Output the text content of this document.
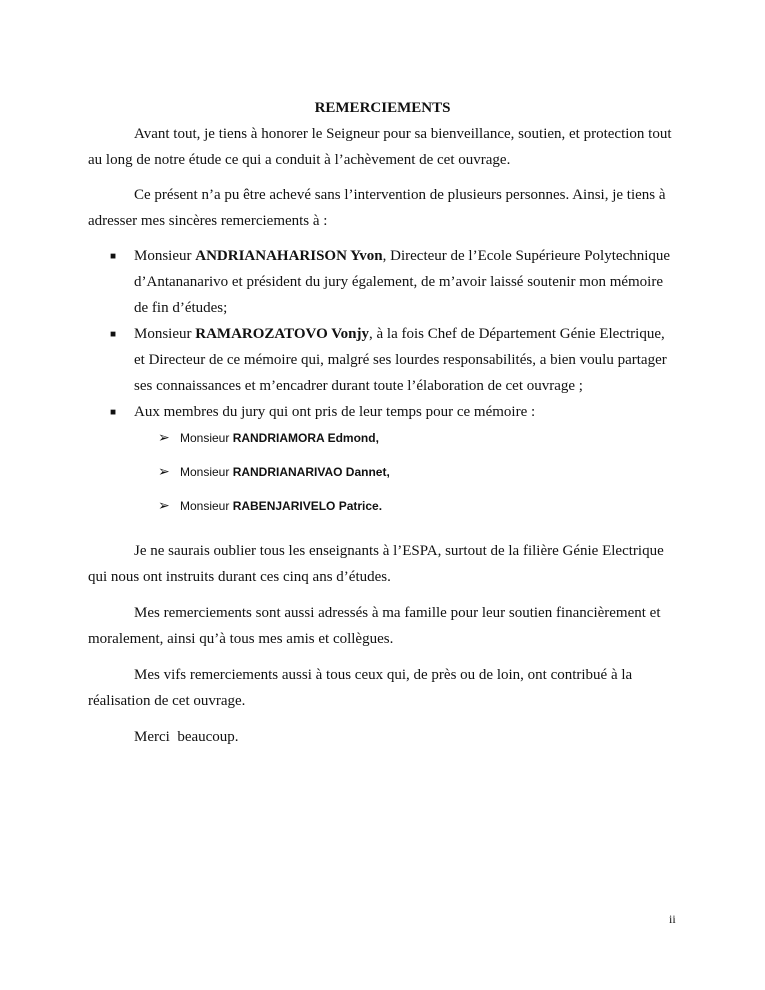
REMERCIEMENTS

Avant tout, je tiens à honorer le Seigneur pour sa bienveillance, soutien, et protection tout

au long de notre étude ce qui a conduit à l’achèvement de cet ouvrage.

Ce présent n’a pu être achevé sans l’intervention de plusieurs personnes. Ainsi, je tiens à

adresser mes sincères remerciements à :

■ Monsieur ANDRIANAHARISON Yvon, Directeur de l’Ecole Supérieure Polytechnique

d’Antananarivo et président du jury également, de m’avoir laissé soutenir mon mémoire

de fin d’études;

■ Monsieur RAMAROZATOVO Vonjy, à la fois Chef de Département Génie Electrique,

et Directeur de ce mémoire qui, malgré ses lourdes responsabilités, a bien voulu partager

ses connaissances et m’encadrer durant toute l’élaboration de cet ouvrage ;

■ Aux membres du jury qui ont pris de leur temps pour ce mémoire :

➢ Monsieur RANDRIAMORA Edmond,
➢ Monsieur RANDRIANARIVAO Dannet,
➢ Monsieur RABENJARIVELO Patrice.

Je ne saurais oublier tous les enseignants à l’ESPA, surtout de la filière Génie Electrique

qui nous ont instruits durant ces cinq ans d’études.

Mes remerciements sont aussi adressés à ma famille pour leur soutien financièrement et

moralement, ainsi qu’à tous mes amis et collègues.

Mes vifs remerciements aussi à tous ceux qui, de près ou de loin, ont contribué à la

réalisation de cet ouvrage.

Merci  beaucoup.

ii
